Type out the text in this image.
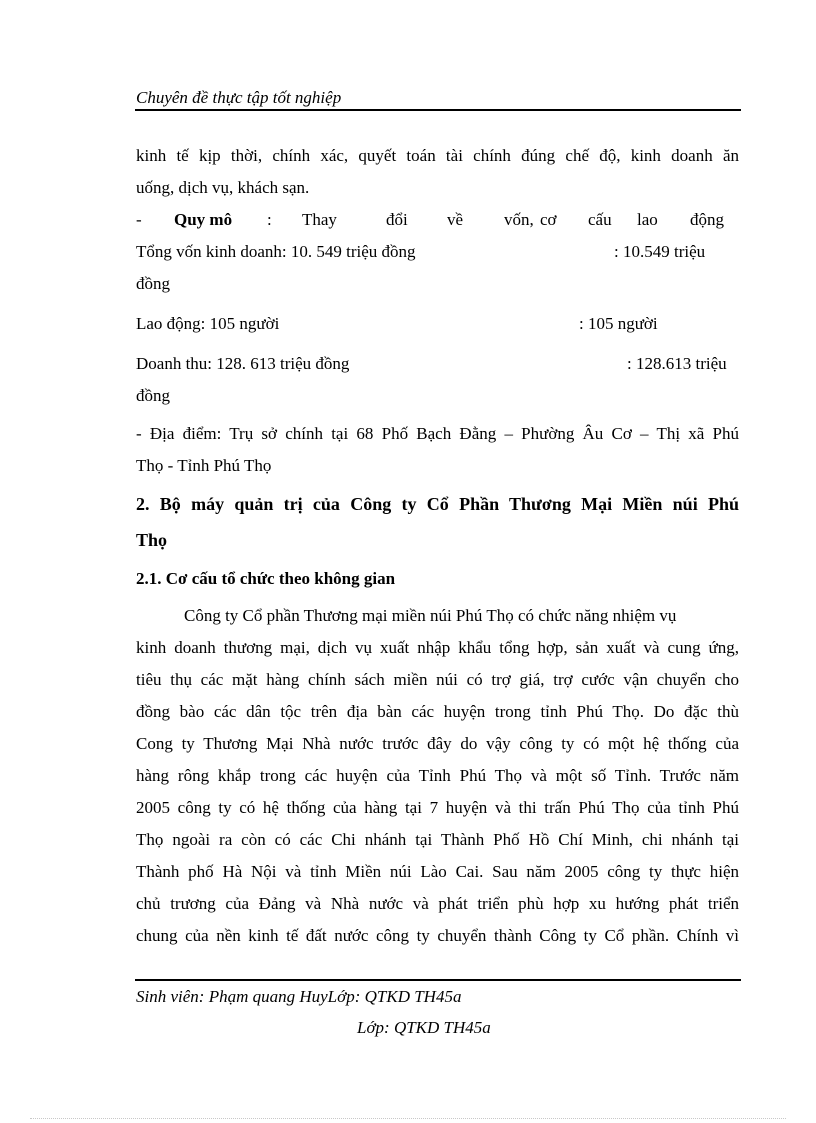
Chuyên đề thực tập tốt nghiệp
kinh tế kịp thời, chính xác, quyết toán tài chính đúng chế độ, kinh doanh ăn
uống, dịch vụ, khách sạn.
- Quy mô : Thay	đổi về vốn, cơ cấu lao động
Tổng vốn kinh doanh: 10. 549 triệu đồng	: 10.549 triệu
đồng
Lao động: 105 người	: 105 người
Doanh thu: 128. 613 triệu đồng	: 128.613 triệu
đồng
- Địa điểm: Trụ sở chính tại 68 Phố Bạch Đằng – Phường Âu Cơ – Thị xã Phú
Thọ - Tỉnh Phú Thọ
2. Bộ máy quản trị của Công ty Cổ Phần Thương Mại Miền núi Phú
Thọ
2.1. Cơ cấu tổ chức theo không gian
Công ty Cổ phần Thương mại miền núi Phú Thọ có chức năng nhiệm vụ
kinh doanh thương mại, dịch vụ xuất nhập khẩu tổng hợp, sản xuất và cung ứng,
tiêu thụ các mặt hàng chính sách miền núi có trợ giá, trợ cước vận chuyển cho
đồng bào các dân tộc trên địa bàn các huyện trong tỉnh Phú Thọ. Do đặc thù
Cong ty Thương Mại Nhà nước trước đây do vậy công ty có một hệ thống của
hàng rông khắp trong các huyện của Tỉnh Phú Thọ và một số Tỉnh. Trước năm
2005 công ty có hệ thống của hàng tại 7 huyện và thi trấn Phú Thọ của tỉnh Phú
Thọ ngoài ra còn có các Chi nhánh tại Thành Phố Hồ Chí Minh, chi nhánh tại
Thành phố Hà Nội và tỉnh Miền núi Lào Cai. Sau năm 2005 công ty thực hiện
chủ trương của Đảng và Nhà nước và phát triển phù hợp xu hướng phát triển
chung của nền kinh tế đất nước công ty chuyển thành Công ty Cổ phần. Chính vì
Sinh viên: Phạm quang HuyLớp: QTKD TH45a
Lớp: QTKD TH45a
